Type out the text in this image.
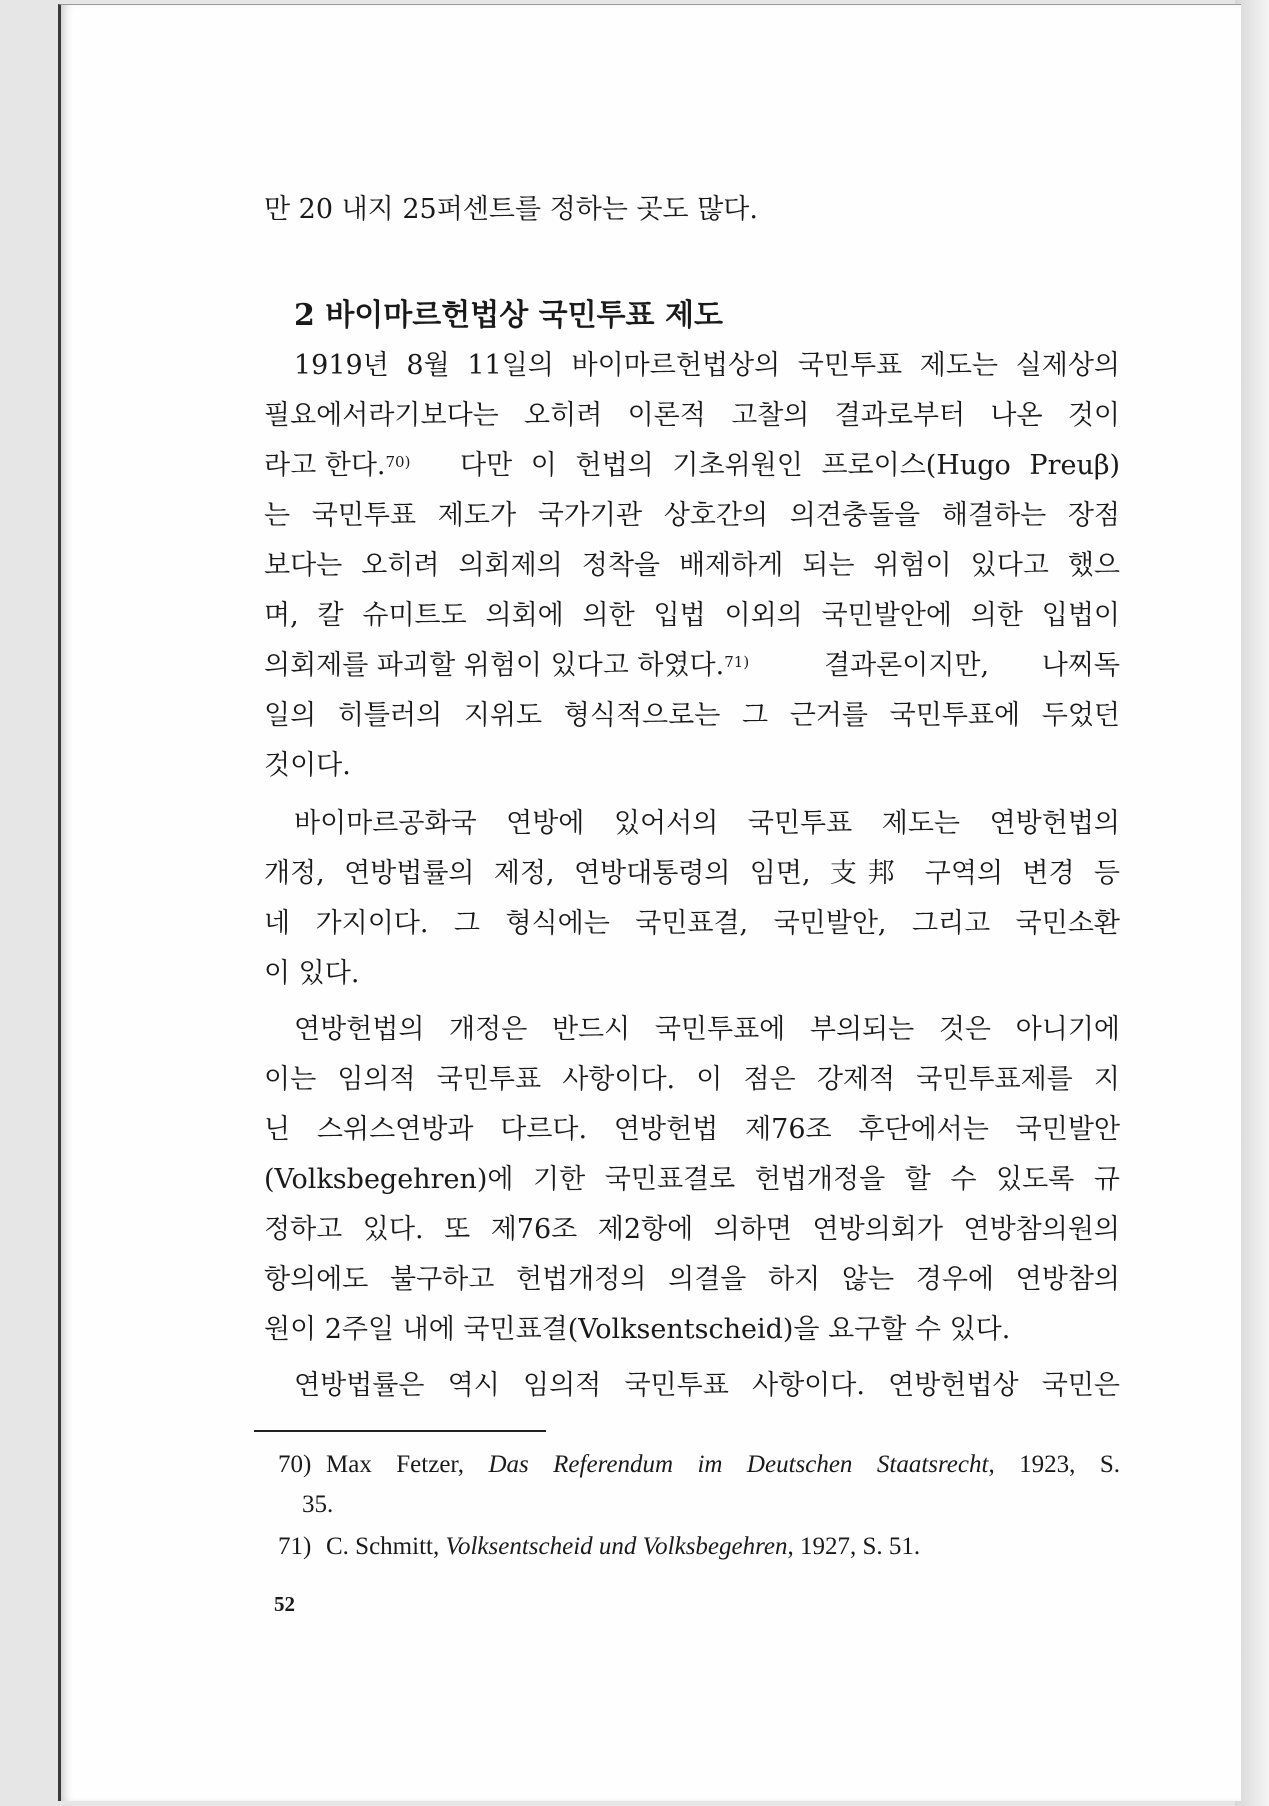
만 20 내지 25퍼센트를 정하는 곳도 많다.
2 바이마르헌법상 국민투표 제도
1919년 8월 11일의 바이마르헌법상의 국민투표 제도는 실제상의
필요에서라기보다는 오히려 이론적 고찰의 결과로부터 나온 것이
라고 한다.$^{70)}$ 다만 이 헌법의 기초위원인 프로이스(Hugo Preuβ)
는 국민투표 제도가 국가기관 상호간의 의견충돌을 해결하는 장점
보다는 오히려 의회제의 정착을 배제하게 되는 위험이 있다고 했으
며, 칼 슈미트도 의회에 의한 입법 이외의 국민발안에 의한 입법이
의회제를 파괴할 위험이 있다고 하였다.$^{71)}$	결과론이지만, 나찌독
일의 히틀러의 지위도 형식적으로는 그 근거를 국민투표에 두었던
것이다.
바이마르공화국 연방에 있어서의 국민투표 제도는 연방헌법의
개정, 연방법률의 제정, 연방대통령의 임면, 支邦 구역의 변경 등
네 가지이다. 그 형식에는 국민표결, 국민발안, 그리고 국민소환
이 있다.
연방헌법의 개정은 반드시 국민투표에 부의되는 것은 아니기에
이는 임의적 국민투표 사항이다. 이 점은 강제적 국민투표제를 지
닌 스위스연방과 다르다. 연방헌법 제76조 후단에서는 국민발안
(Volksbegehren)에 기한 국민표결로 헌법개정을 할 수 있도록 규
정하고 있다. 또 제76조 제2항에 의하면 연방의회가 연방참의원의
항의에도 불구하고 헌법개정의 의결을 하지 않는 경우에 연방참의
원이 2주일 내에 국민표결(Volksentscheid)을 요구할 수 있다.
연방법률은 역시 임의적 국민투표 사항이다. 연방헌법상 국민은
70) Max Fetzer, Das Referendum im Deutschen Staatsrecht, 1923, S.
35.
71) C. Schmitt, Volksentscheid und Volksbegehren, 1927, S. 51.
52
